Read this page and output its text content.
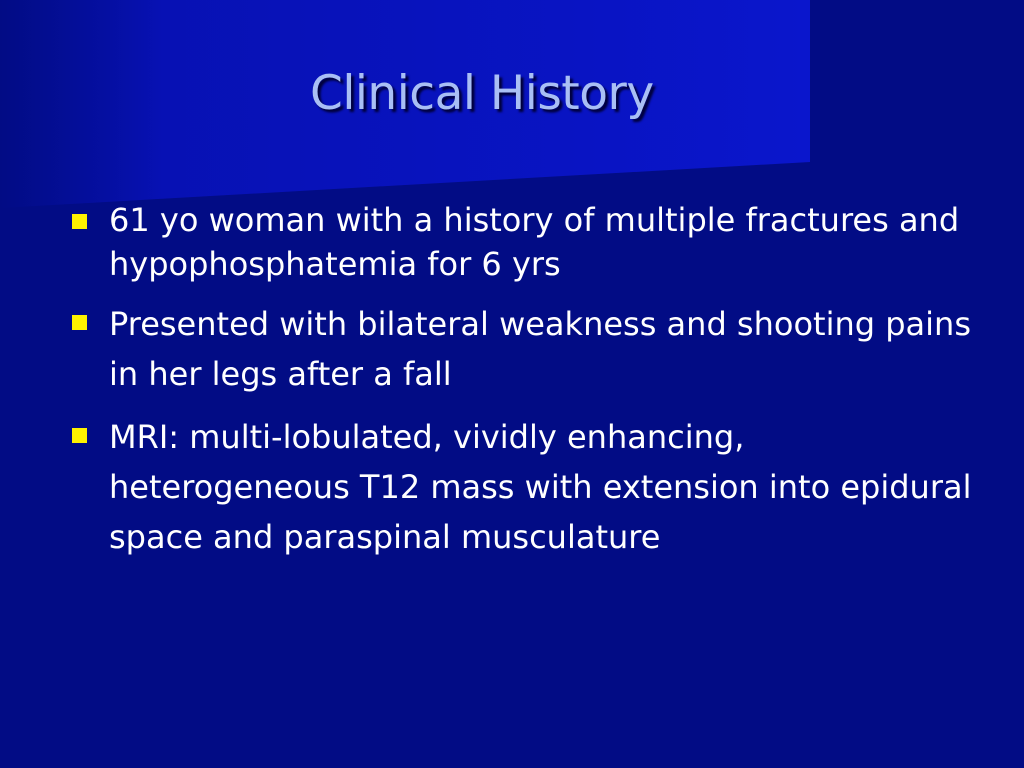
Clinical History
61 yo woman with a history of multiple fractures and hypophosphatemia for 6 yrs
Presented with bilateral weakness and shooting pains in her legs after a fall
MRI: multi-lobulated, vividly enhancing, heterogeneous T12 mass with extension into epidural space and paraspinal musculature
